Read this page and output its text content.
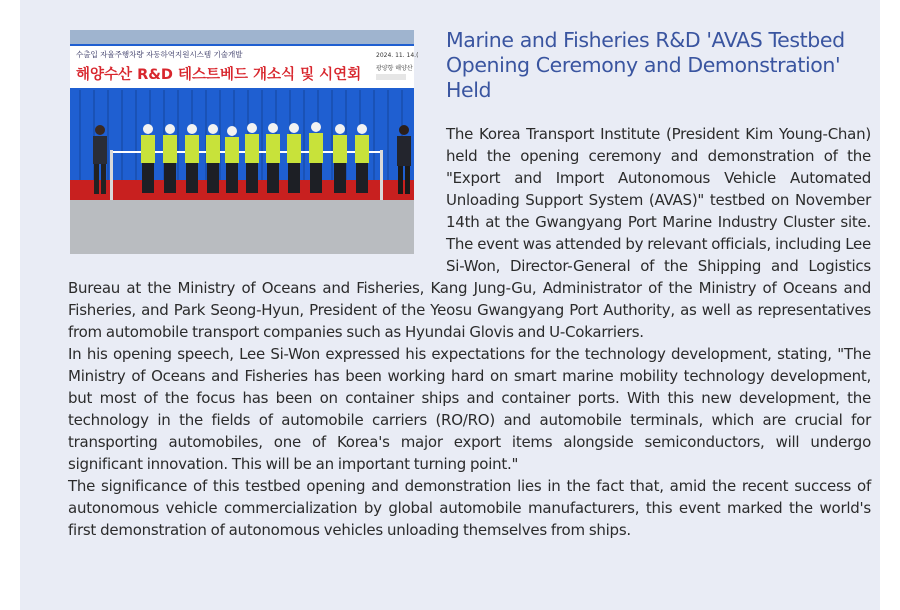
수출입 자율주행차량 자동하역지원시스템 기술개발	2024. 11. 14.(
해양수산 R&D 테스트베드 개소식 및 시연회 광양항 해양산
Marine and Fisheries R&D 'AVAS Testbed Opening Ceremony and Demonstration' Held

The Korea Transport Institute (President Kim Young-Chan) held the opening ceremony and demonstration of the "Export and Import Autonomous Vehicle Automated Unloading Support System (AVAS)" testbed on November 14th at the Gwangyang Port Marine Industry Cluster site. The event was attended by relevant officials, including Lee Si-Won, Director-General of the Shipping and Logistics Bureau at the Ministry of Oceans and Fisheries, Kang Jung-Gu, Administrator of the Ministry of Oceans and Fisheries, and Park Seong-Hyun, President of the Yeosu Gwangyang Port Authority, as well as representatives from automobile transport companies such as Hyundai Glovis and U-Cokarriers.

In his opening speech, Lee Si-Won expressed his expectations for the technology development, stating, "The Ministry of Oceans and Fisheries has been working hard on smart marine mobility technology development, but most of the focus has been on container ships and container ports. With this new development, the technology in the fields of automobile carriers (RO/RO) and automobile terminals, which are crucial for transporting automobiles, one of Korea's major export items alongside semiconductors, will undergo significant innovation. This will be an important turning point."

The significance of this testbed opening and demonstration lies in the fact that, amid the recent success of autonomous vehicle commercialization by global automobile manufacturers, this event marked the world's first demonstration of autonomous vehicles unloading themselves from ships.
